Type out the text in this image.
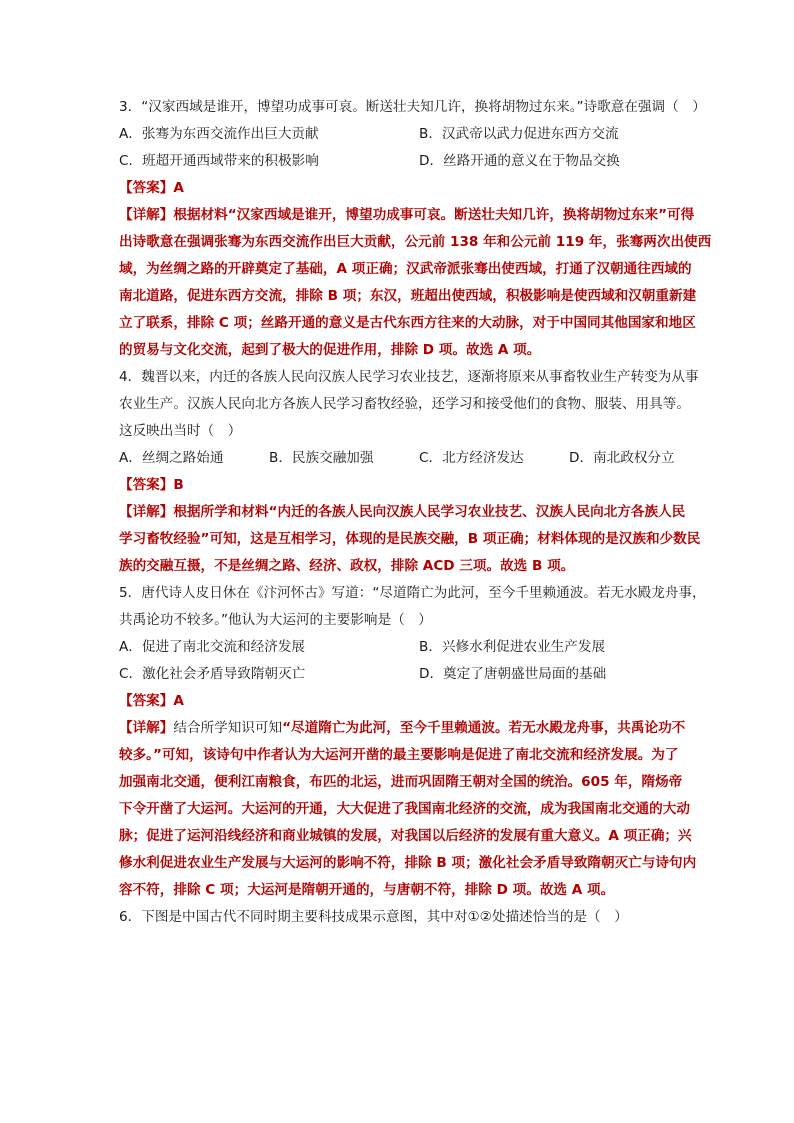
3．“汉家西域是谁开，博望功成事可哀。断送壮夫知几许，换将胡物过东来。”诗歌意在强调（　）
A．张骞为东西交流作出巨大贡献	B．汉武帝以武力促进东西方交流
C．班超开通西域带来的积极影响	D．丝路开通的意义在于物品交换
【答案】A
【详解】根据材料“汉家西域是谁开，博望功成事可哀。断送壮夫知几许，换将胡物过东来”可得
出诗歌意在强调张骞为东西交流作出巨大贡献，公元前 138 年和公元前 119 年，张骞两次出使西
域，为丝绸之路的开辟奠定了基础，A 项正确；汉武帝派张骞出使西域，打通了汉朝通往西域的
南北道路，促进东西方交流，排除 B 项；东汉，班超出使西域，积极影响是使西域和汉朝重新建
立了联系，排除 C 项；丝路开通的意义是古代东西方往来的大动脉，对于中国同其他国家和地区
的贸易与文化交流，起到了极大的促进作用，排除 D 项。故选 A 项。
4．魏晋以来，内迁的各族人民向汉族人民学习农业技艺，逐渐将原来从事畜牧业生产转变为从事
农业生产。汉族人民向北方各族人民学习畜牧经验，还学习和接受他们的食物、服装、用具等。
这反映出当时（　）
A．丝绸之路始通	B．民族交融加强	C．北方经济发达	D．南北政权分立
【答案】B
【详解】根据所学和材料“内迁的各族人民向汉族人民学习农业技艺、汉族人民向北方各族人民
学习畜牧经验”可知，这是互相学习，体现的是民族交融，B 项正确；材料体现的是汉族和少数民
族的交融互摄，不是丝绸之路、经济、政权，排除 ACD 三项。故选 B 项。
5．唐代诗人皮日休在《汴河怀古》写道：“尽道隋亡为此河，至今千里赖通波。若无水殿龙舟事，
共禹论功不较多。”他认为大运河的主要影响是（　）
A．促进了南北交流和经济发展	B．兴修水利促进农业生产发展
C．激化社会矛盾导致隋朝灭亡	D．奠定了唐朝盛世局面的基础
【答案】A
【详解】结合所学知识可知“尽道隋亡为此河，至今千里赖通波。若无水殿龙舟事，共禹论功不
较多。”可知，该诗句中作者认为大运河开凿的最主要影响是促进了南北交流和经济发展。为了
加强南北交通，便利江南粮食，布匹的北运，进而巩固隋王朝对全国的统治。605 年，隋炀帝
下令开凿了大运河。大运河的开通，大大促进了我国南北经济的交流，成为我国南北交通的大动
脉；促进了运河沿线经济和商业城镇的发展，对我国以后经济的发展有重大意义。A 项正确；兴
修水利促进农业生产发展与大运河的影响不符，排除 B 项；激化社会矛盾导致隋朝灭亡与诗句内
容不符，排除 C 项；大运河是隋朝开通的，与唐朝不符，排除 D 项。故选 A 项。
6．下图是中国古代不同时期主要科技成果示意图，其中对①②处描述恰当的是（　）
